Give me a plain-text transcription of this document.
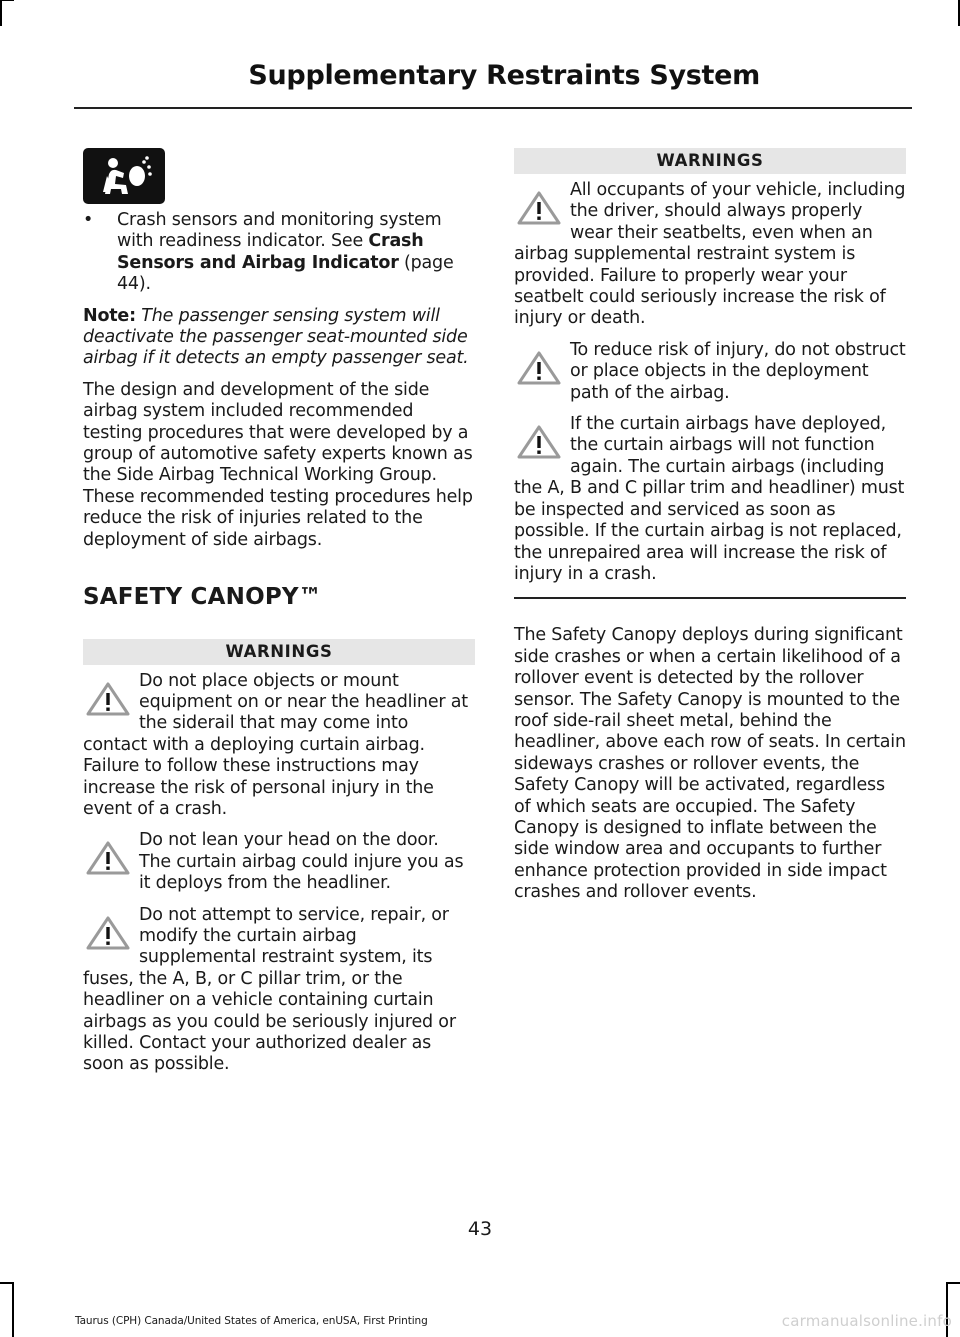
Supplementary Restraints System
• Crash sensors and monitoring system with readiness indicator. See Crash Sensors and Airbag Indicator (page 44).
Note: The passenger sensing system will deactivate the passenger seat-mounted side airbag if it detects an empty passenger seat.

The design and development of the side airbag system included recommended testing procedures that were developed by a group of automotive safety experts known as the Side Airbag Technical Working Group. These recommended testing procedures help reduce the risk of injuries related to the deployment of side airbags.

SAFETY CANOPY™
WARNINGS
Do not place objects or mount equipment on or near the headliner at the siderail that may come into contact with a deploying curtain airbag. Failure to follow these instructions may increase the risk of personal injury in the event of a crash.
Do not lean your head on the door. The curtain airbag could injure you as it deploys from the headliner.
Do not attempt to service, repair, or modify the curtain airbag supplemental restraint system, its fuses, the A, B, or C pillar trim, or the headliner on a vehicle containing curtain airbags as you could be seriously injured or killed. Contact your authorized dealer as soon as possible.
WARNINGS
All occupants of your vehicle, including the driver, should always properly wear their seatbelts, even when an airbag supplemental restraint system is provided. Failure to properly wear your seatbelt could seriously increase the risk of injury or death.
To reduce risk of injury, do not obstruct or place objects in the deployment path of the airbag.
If the curtain airbags have deployed, the curtain airbags will not function again. The curtain airbags (including the A, B and C pillar trim and headliner) must be inspected and serviced as soon as possible. If the curtain airbag is not replaced, the unrepaired area will increase the risk of injury in a crash.

The Safety Canopy deploys during significant side crashes or when a certain likelihood of a rollover event is detected by the rollover sensor. The Safety Canopy is mounted to the roof side-rail sheet metal, behind the headliner, above each row of seats. In certain sideways crashes or rollover events, the Safety Canopy will be activated, regardless of which seats are occupied. The Safety Canopy is designed to inflate between the side window area and occupants to further enhance protection provided in side impact crashes and rollover events.

43
Taurus (CPH) Canada/United States of America, enUSA, First Printing	carmanualsonline.info
